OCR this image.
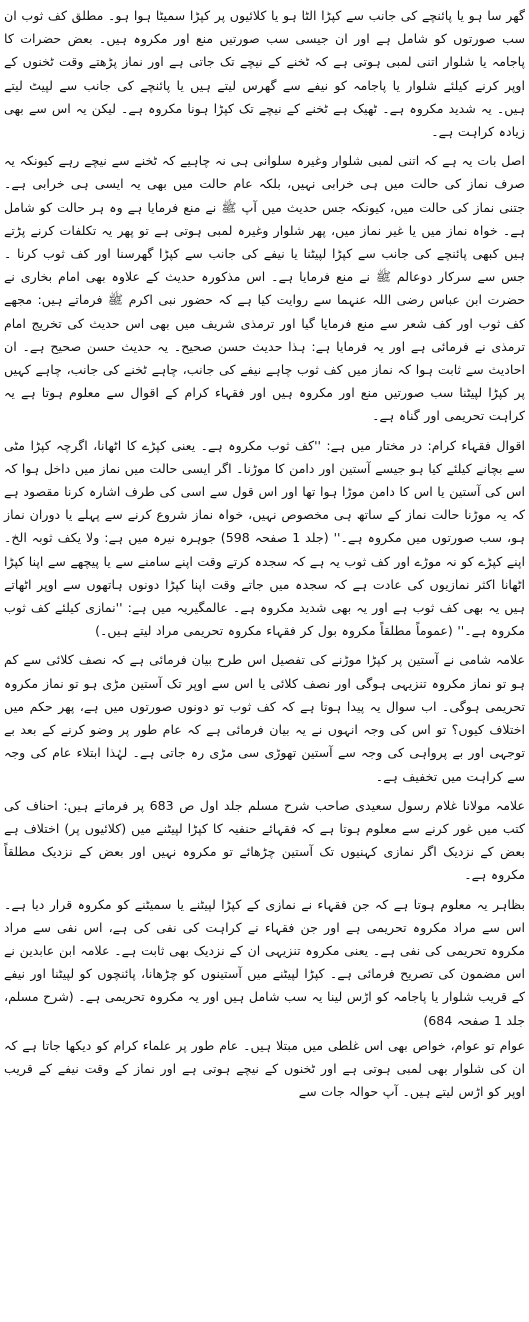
گھر سا ہو یا پائنچے کی جانب سے کپڑا الٹا ہو یا کلائیوں پر کپڑا سمیٹا ہوا ہو۔ مطلق کف ثوب ان سب صورتوں کو شامل ہے اور ان جیسی سب صورتیں منع اور مکروہ ہیں۔ بعض حضرات کا پاجامہ یا شلوار اتنی لمبی ہوتی ہے کہ ٹخنے کے نیچے تک جاتی ہے اور نماز پڑھتے وقت ٹخنوں کے اوپر کرنے کیلئے شلوار یا پاجامہ کو نیفے سے گھرس لیتے ہیں یا پائنچے کی جانب سے لپیٹ لیتے ہیں۔ یہ شدید مکروہ ہے۔ ٹھیک ہے ٹخنے کے نیچے تک کپڑا ہونا مکروہ ہے۔ لیکن یہ اس سے بھی زیادہ کراہت ہے۔

اصل بات یہ ہے کہ اتنی لمبی شلوار وغیرہ سلوانی ہی نہ چاہیے کہ ٹخنے سے نیچے رہے کیونکہ یہ صرف نماز کی حالت میں ہی خرابی نہیں، بلکہ عام حالت میں بھی یہ ایسی ہی خرابی ہے۔ جتنی نماز کی حالت میں، کیونکہ جس حدیث میں آپ ﷺ نے منع فرمایا ہے وہ ہر حالت کو شامل ہے۔ خواہ نماز میں یا غیر نماز میں، پھر شلوار وغیرہ لمبی ہوتی ہے تو پھر یہ تکلفات کرنے پڑتے ہیں کبھی پائنچے کی جانب سے کپڑا لپیٹنا یا نیفے کی جانب سے کپڑا گھرسنا اور کف ثوب کرنا ۔ جس سے سرکار دوعالم ﷺ نے منع فرمایا ہے۔ اس مذکورہ حدیث کے علاوہ بھی امام بخاری نے حضرت ابن عباس رضی اللہ عنہما سے روایت کیا ہے کہ حضور نبی اکرم ﷺ فرماتے ہیں: مجھے کف ثوب اور کف شعر سے منع فرمایا گیا اور ترمذی شریف میں بھی اس حدیث کی تخریج امام ترمذی نے فرمائی ہے اور یہ فرمایا ہے: ہذا حدیث حسن صحیح۔ یہ حدیث حسن صحیح ہے۔ ان احادیث سے ثابت ہوا کہ نماز میں کف ثوب چاہے نیفے کی جانب، چاہے ٹخنے کی جانب، چاہے کہیں پر کپڑا لپیٹنا سب صورتیں منع اور مکروہ ہیں اور فقہاء کرام کے اقوال سے معلوم ہوتا ہے یہ کراہت تحریمی اور گناہ ہے۔

اقوال فقہاء کرام: در مختار میں ہے: ''کف ثوب مکروہ ہے۔ یعنی کپڑے کا اٹھانا، اگرچہ کپڑا مٹی سے بچانے کیلئے کیا ہو جیسے آستین اور دامن کا موڑنا۔ اگر ایسی حالت میں نماز میں داخل ہوا کہ اس کی آستین یا اس کا دامن موڑا ہوا تھا اور اس قول سے اسی کی طرف اشارہ کرنا مقصود ہے کہ یہ موڑنا حالت نماز کے ساتھ ہی مخصوص نہیں، خواہ نماز شروع کرنے سے پہلے یا دوران نماز ہو، سب صورتوں میں مکروہ ہے۔'' (جلد 1 صفحہ 598) جوہرہ نیرہ میں ہے: ولا یکف ثوبہ الخ۔ اپنے کپڑے کو نہ موڑے اور کف ثوب یہ ہے کہ سجدہ کرتے وقت اپنے سامنے سے یا پیچھے سے اپنا کپڑا اٹھانا اکثر نمازیوں کی عادت ہے کہ سجدہ میں جاتے وقت اپنا کپڑا دونوں ہاتھوں سے اوپر اٹھاتے ہیں یہ بھی کف ثوب ہے اور یہ بھی شدید مکروہ ہے۔ عالمگیریہ میں ہے: ''نمازی کیلئے کف ثوب مکروہ ہے۔'' (عموماً مطلقاً مکروہ بول کر فقہاء مکروہ تحریمی مراد لیتے ہیں۔)

علامہ شامی نے آستین پر کپڑا موڑنے کی تفصیل اس طرح بیان فرمائی ہے کہ نصف کلائی سے کم ہو تو نماز مکروہ تنزیہی ہوگی اور نصف کلائی یا اس سے اوپر تک آستین مڑی ہو تو نماز مکروہ تحریمی ہوگی۔ اب سوال یہ پیدا ہوتا ہے کہ کف ثوب تو دونوں صورتوں میں ہے، پھر حکم میں اختلاف کیوں؟ تو اس کی وجہ انہوں نے یہ بیان فرمائی ہے کہ عام طور پر وضو کرنے کے بعد بے توجہی اور بے پرواہی کی وجہ سے آستین تھوڑی سی مڑی رہ جاتی ہے۔ لہٰذا ابتلاء عام کی وجہ سے کراہت میں تخفیف ہے۔

علامہ مولانا غلام رسول سعیدی صاحب شرح مسلم جلد اول ص 683 پر فرماتے ہیں: احناف کی کتب میں غور کرنے سے معلوم ہوتا ہے کہ فقہائے حنفیہ کا کپڑا لپیٹنے میں (کلائیوں پر) اختلاف ہے بعض کے نزدیک اگر نمازی کہنیوں تک آستین چڑھائے تو مکروہ نہیں اور بعض کے نزدیک مطلقاً مکروہ ہے۔

بظاہر یہ معلوم ہوتا ہے کہ جن فقہاء نے نمازی کے کپڑا لپیٹنے یا سمیٹنے کو مکروہ قرار دیا ہے۔ اس سے مراد مکروہ تحریمی ہے اور جن فقہاء نے کراہت کی نفی کی ہے، اس نفی سے مراد مکروہ تحریمی کی نفی ہے۔ یعنی مکروہ تنزیہی ان کے نزدیک بھی ثابت ہے۔ علامہ ابن عابدین نے اس مضمون کی تصریح فرمائی ہے۔ کپڑا لپیٹنے میں آستینوں کو چڑھانا، پائنچوں کو لپیٹنا اور نیفے کے قریب شلوار یا پاجامہ کو اڑس لینا یہ سب شامل ہیں اور یہ مکروہ تحریمی ہے۔ (شرح مسلم، جلد 1 صفحہ 684)

عوام تو عوام، خواص بھی اس غلطی میں مبتلا ہیں۔ عام طور پر علماء کرام کو دیکھا جاتا ہے کہ ان کی شلوار بھی لمبی ہوتی ہے اور ٹخنوں کے نیچے ہوتی ہے اور نماز کے وقت نیفے کے قریب اوپر کو اڑس لیتے ہیں۔ آپ حوالہ جات سے
